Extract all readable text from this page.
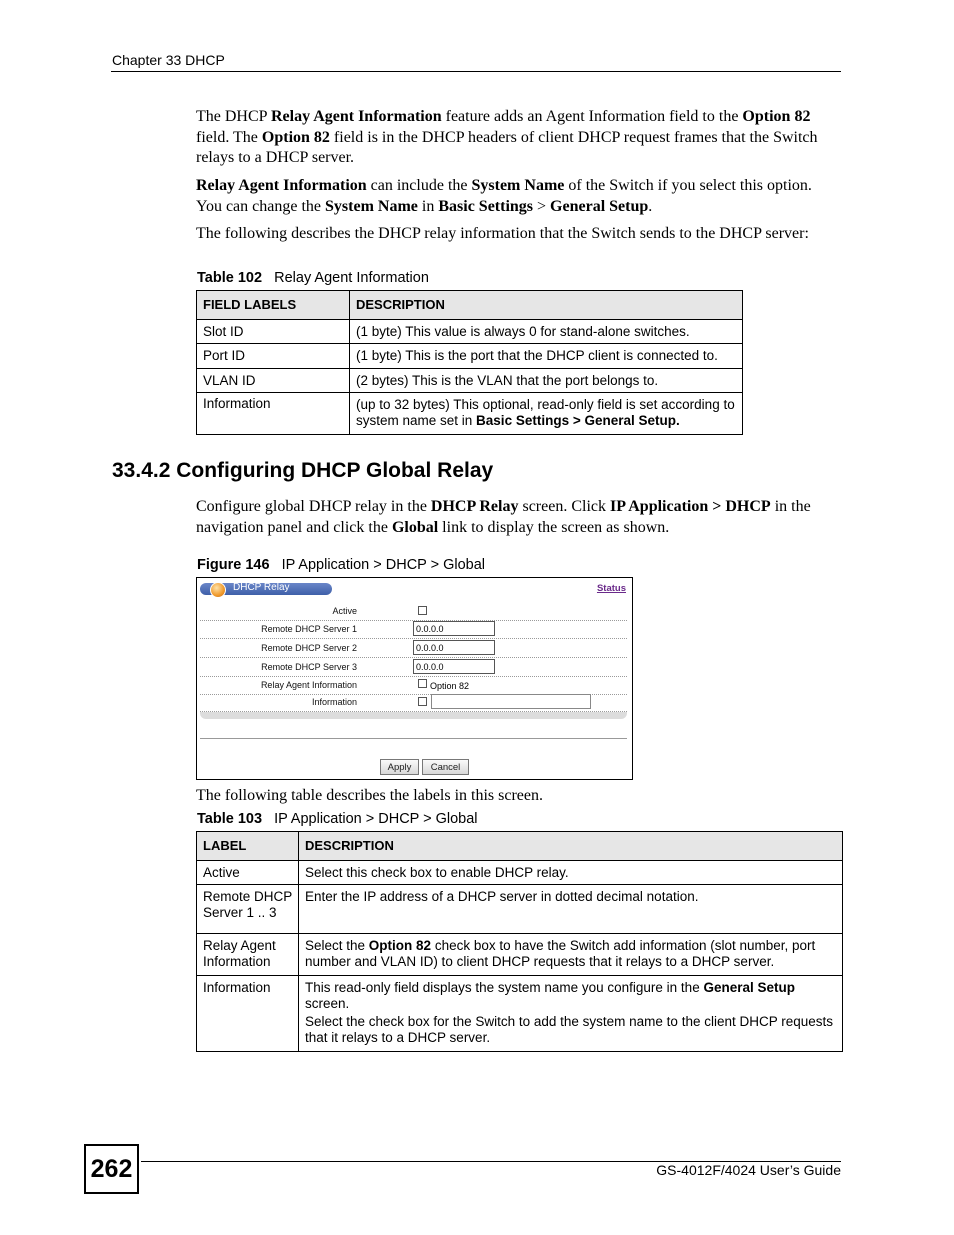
Chapter 33 DHCP
The DHCP Relay Agent Information feature adds an Agent Information field to the Option 82 field. The Option 82 field is in the DHCP headers of client DHCP request frames that the Switch relays to a DHCP server.
Relay Agent Information can include the System Name of the Switch if you select this option. You can change the System Name in Basic Settings > General Setup.
The following describes the DHCP relay information that the Switch sends to the DHCP server:
Table 102 Relay Agent Information
FIELD LABELS	DESCRIPTION
Slot ID	(1 byte) This value is always 0 for stand-alone switches.
Port ID	(1 byte) This is the port that the DHCP client is connected to.
VLAN ID	(2 bytes) This is the VLAN that the port belongs to.
Information	(up to 32 bytes) This optional, read-only field is set according to system name set in Basic Settings > General Setup.
33.4.2 Configuring DHCP Global Relay
Configure global DHCP relay in the DHCP Relay screen. Click IP Application > DHCP in the navigation panel and click the Global link to display the screen as shown.
Figure 146 IP Application > DHCP > Global
DHCP Relay	Status
Active
Remote DHCP Server 1	0.0.0.0
Remote DHCP Server 2	0.0.0.0
Remote DHCP Server 3	0.0.0.0
Relay Agent Information	Option 82
Information
Apply	Cancel
The following table describes the labels in this screen.
Table 103 IP Application > DHCP > Global
LABEL	DESCRIPTION
Active	Select this check box to enable DHCP relay.

Remote DHCP Server 1 .. 3	Enter the IP address of a DHCP server in dotted decimal notation.

Relay Agent Information	Select the Option 82 check box to have the Switch add information (slot number, port number and VLAN ID) to client DHCP requests that it relays to a DHCP server.

Information	This read-only field displays the system name you configure in the General Setup screen.

Select the check box for the Switch to add the system name to the client DHCP requests that it relays to a DHCP server.

262	GS-4012F/4024 User’s Guide
